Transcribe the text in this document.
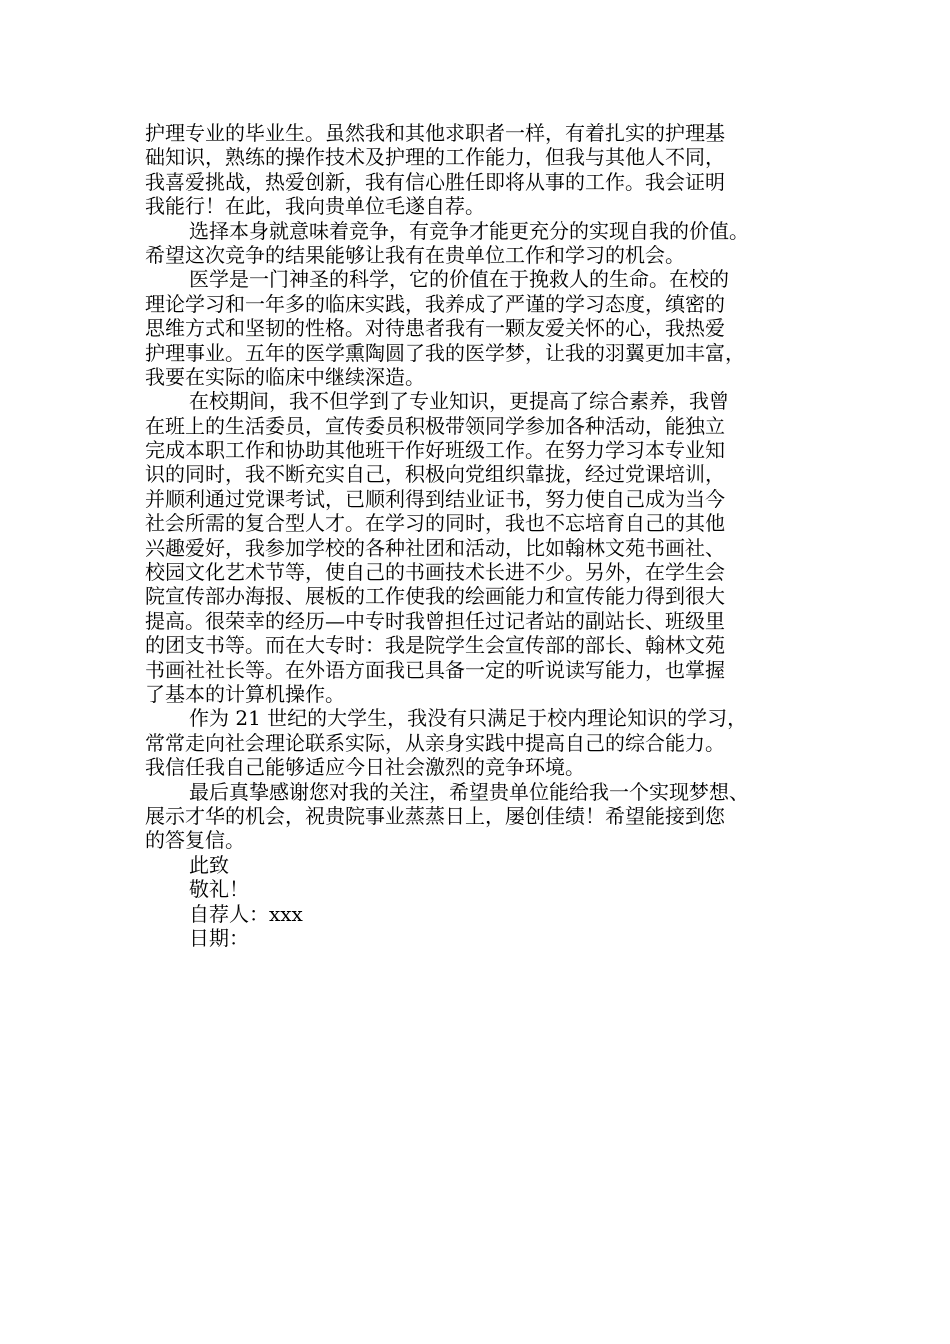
护理专业的毕业生。虽然我和其他求职者一样，有着扎实的护理基
础知识，熟练的操作技术及护理的工作能力，但我与其他人不同，
我喜爱挑战，热爱创新，我有信心胜任即将从事的工作。我会证明
我能行！在此，我向贵单位毛遂自荐。
选择本身就意味着竞争，有竞争才能更充分的实现自我的价值。
希望这次竞争的结果能够让我有在贵单位工作和学习的机会。
医学是一门神圣的科学，它的价值在于挽救人的生命。在校的
理论学习和一年多的临床实践，我养成了严谨的学习态度，缜密的
思维方式和坚韧的性格。对待患者我有一颗友爱关怀的心，我热爱
护理事业。五年的医学熏陶圆了我的医学梦，让我的羽翼更加丰富，
我要在实际的临床中继续深造。
在校期间，我不但学到了专业知识，更提高了综合素养，我曾
在班上的生活委员，宣传委员积极带领同学参加各种活动，能独立
完成本职工作和协助其他班干作好班级工作。在努力学习本专业知
识的同时，我不断充实自己，积极向党组织靠拢，经过党课培训，
并顺利通过党课考试，已顺利得到结业证书，努力使自己成为当今
社会所需的复合型人才。在学习的同时，我也不忘培育自己的其他
兴趣爱好，我参加学校的各种社团和活动，比如翰林文苑书画社、
校园文化艺术节等，使自己的书画技术长进不少。另外，在学生会
院宣传部办海报、展板的工作使我的绘画能力和宣传能力得到很大
提高。很荣幸的经历—中专时我曾担任过记者站的副站长、班级里
的团支书等。而在大专时：我是院学生会宣传部的部长、翰林文苑
书画社社长等。在外语方面我已具备一定的听说读写能力，也掌握
了基本的计算机操作。
作为 21 世纪的大学生，我没有只满足于校内理论知识的学习，
常常走向社会理论联系实际，从亲身实践中提高自己的综合能力。
我信任我自己能够适应今日社会激烈的竞争环境。
最后真挚感谢您对我的关注，希望贵单位能给我一个实现梦想、
展示才华的机会，祝贵院事业蒸蒸日上，屡创佳绩！希望能接到您
的答复信。
此致
敬礼！
自荐人：xxx
日期：
